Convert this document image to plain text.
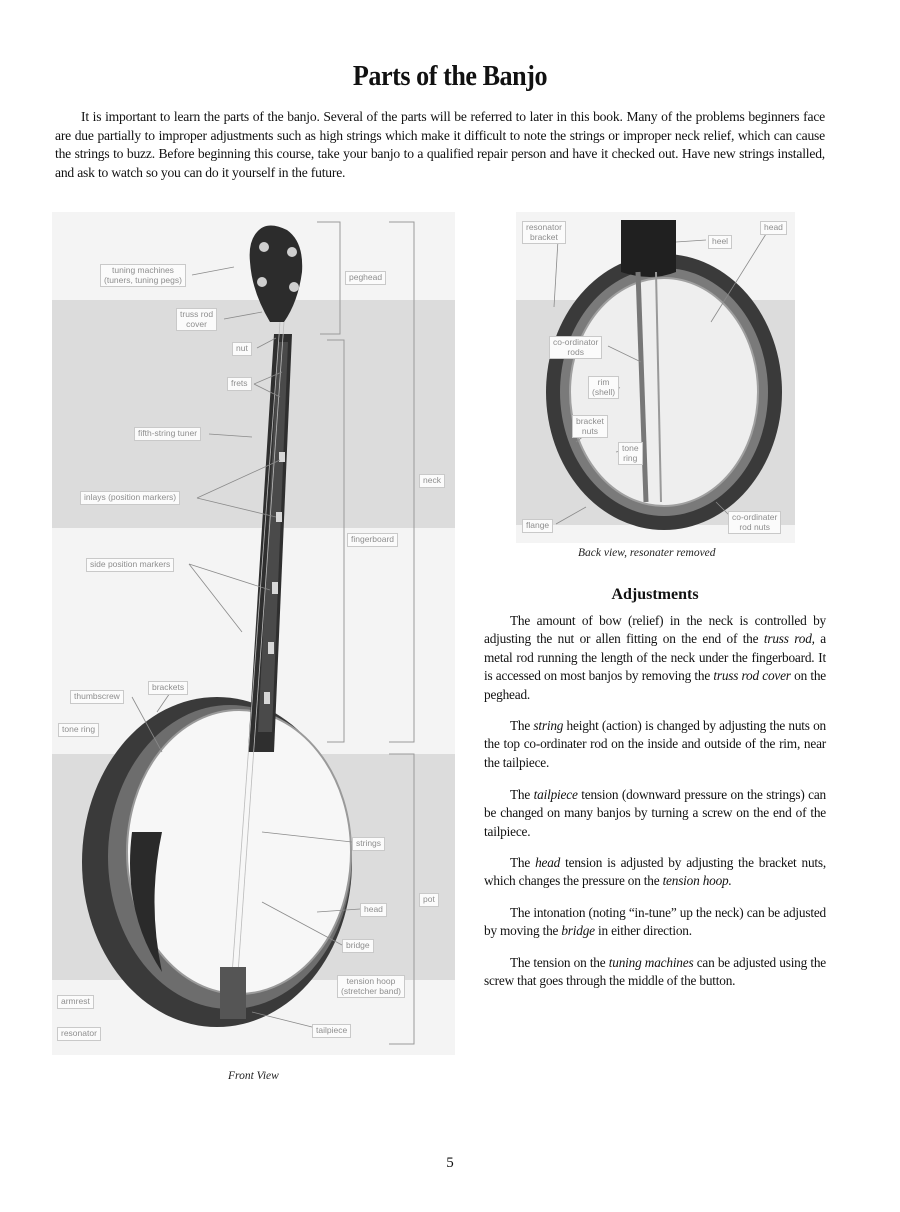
Parts of the Banjo

It is important to learn the parts of the banjo. Several of the parts will be referred to later in this book. Many of the problems beginners face are due partially to improper adjustments such as high strings which make it difficult to note the strings or improper neck relief, which can cause the strings to buzz. Before beginning this course, take your banjo to a qualified repair person and have it checked out. Have new strings installed, and ask to watch so you can do it yourself in the future.

tuning machines
(tuners, tuning pegs)
truss rod
cover
nut
frets
fifth-string tuner
inlays (position markers)
side position markers
thumbscrew
brackets
tone ring
peghead
neck
fingerboard
strings
head
pot
bridge
tension hoop
(stretcher band)
armrest
resonator	tailpiece
Front View
resonator
bracket	heel
head
co-ordinator
rods
rim
(shell)
bracket
nuts
tone
ring
flange
co-ordinater
rod nuts
Back view, resonater removed
Adjustments

The amount of bow (relief) in the neck is controlled by adjusting the nut or allen fitting on the end of the truss rod, a metal rod running the length of the neck under the fingerboard. It is accessed on most banjos by removing the truss rod cover on the peghead.

The string height (action) is changed by adjusting the nuts on the top co-ordinater rod on the inside and outside of the rim, near the tailpiece.

The tailpiece tension (downward pressure on the strings) can be changed on many banjos by turning a screw on the end of the tailpiece.

The head tension is adjusted by adjusting the bracket nuts, which changes the pressure on the tension hoop.

The intonation (noting “in-tune” up the neck) can be adjusted by moving the bridge in either direction.

The tension on the tuning machines can be adjusted using the screw that goes through the middle of the button.

5
